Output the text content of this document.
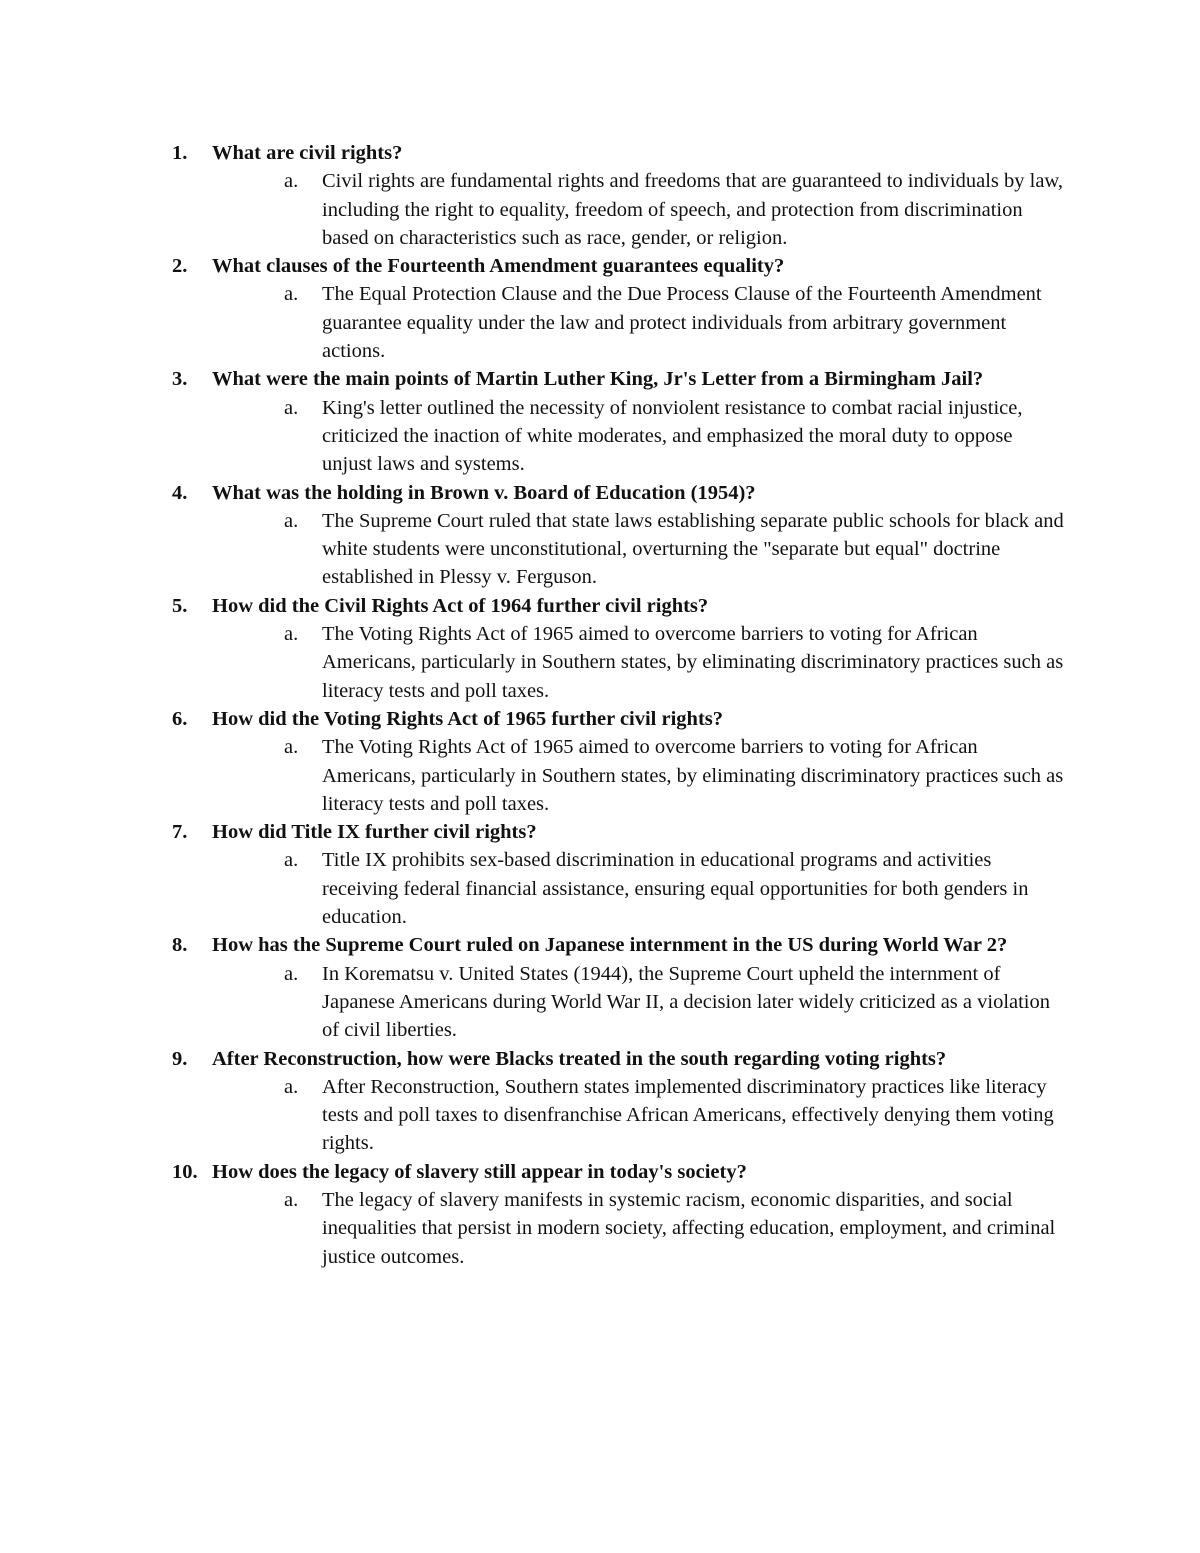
1. What are civil rights?
a. Civil rights are fundamental rights and freedoms that are guaranteed to individuals by law, including the right to equality, freedom of speech, and protection from discrimination based on characteristics such as race, gender, or religion.
2. What clauses of the Fourteenth Amendment guarantees equality?
a. The Equal Protection Clause and the Due Process Clause of the Fourteenth Amendment guarantee equality under the law and protect individuals from arbitrary government actions.
3. What were the main points of Martin Luther King, Jr's Letter from a Birmingham Jail?
a. King's letter outlined the necessity of nonviolent resistance to combat racial injustice, criticized the inaction of white moderates, and emphasized the moral duty to oppose unjust laws and systems.
4. What was the holding in Brown v. Board of Education (1954)?
a. The Supreme Court ruled that state laws establishing separate public schools for black and white students were unconstitutional, overturning the "separate but equal" doctrine established in Plessy v. Ferguson.
5. How did the Civil Rights Act of 1964 further civil rights?
a. The Voting Rights Act of 1965 aimed to overcome barriers to voting for African Americans, particularly in Southern states, by eliminating discriminatory practices such as literacy tests and poll taxes.
6. How did the Voting Rights Act of 1965 further civil rights?
a. The Voting Rights Act of 1965 aimed to overcome barriers to voting for African Americans, particularly in Southern states, by eliminating discriminatory practices such as literacy tests and poll taxes.
7. How did Title IX further civil rights?
a. Title IX prohibits sex-based discrimination in educational programs and activities receiving federal financial assistance, ensuring equal opportunities for both genders in education.
8. How has the Supreme Court ruled on Japanese internment in the US during World War 2?
a. In Korematsu v. United States (1944), the Supreme Court upheld the internment of Japanese Americans during World War II, a decision later widely criticized as a violation of civil liberties.
9. After Reconstruction, how were Blacks treated in the south regarding voting rights?
a. After Reconstruction, Southern states implemented discriminatory practices like literacy tests and poll taxes to disenfranchise African Americans, effectively denying them voting rights.
10. How does the legacy of slavery still appear in today's society?
a. The legacy of slavery manifests in systemic racism, economic disparities, and social inequalities that persist in modern society, affecting education, employment, and criminal justice outcomes.
